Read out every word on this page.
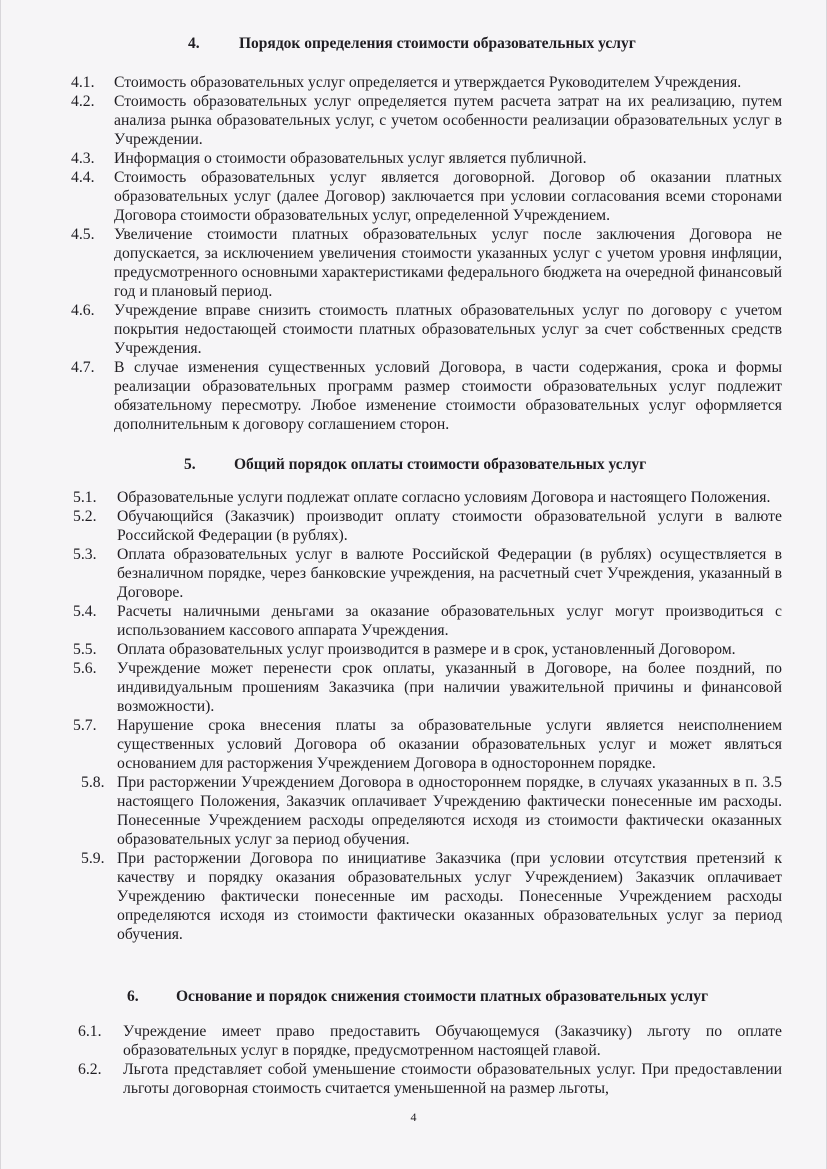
4.	Порядок определения стоимости образовательных услуг
4.1. Стоимость образовательных услуг определяется и утверждается Руководителем Учреждения.
4.2. Стоимость образовательных услуг определяется путем расчета затрат на их реализацию, путем анализа рынка образовательных услуг, с учетом особенности реализации образовательных услуг в Учреждении.
4.3. Информация о стоимости образовательных услуг является публичной.
4.4. Стоимость образовательных услуг является договорной. Договор об оказании платных образовательных услуг (далее Договор) заключается при условии согласования всеми сторонами Договора стоимости образовательных услуг, определенной Учреждением.
4.5. Увеличение стоимости платных образовательных услуг после заключения Договора не допускается, за исключением увеличения стоимости указанных услуг с учетом уровня инфляции, предусмотренного основными характеристиками федерального бюджета на очередной финансовый год и плановый период.
4.6. Учреждение вправе снизить стоимость платных образовательных услуг по договору с учетом покрытия недостающей стоимости платных образовательных услуг за счет собственных средств Учреждения.
4.7. В случае изменения существенных условий Договора, в части содержания, срока и формы реализации образовательных программ размер стоимости образовательных услуг подлежит обязательному пересмотру. Любое изменение стоимости образовательных услуг оформляется дополнительным к договору соглашением сторон.
5. Общий порядок оплаты стоимости образовательных услуг
5.1. Образовательные услуги подлежат оплате согласно условиям Договора и настоящего Положения.
5.2. Обучающийся (Заказчик) производит оплату стоимости образовательной услуги в валюте Российской Федерации (в рублях).
5.3. Оплата образовательных услуг в валюте Российской Федерации (в рублях) осуществляется в безналичном порядке, через банковские учреждения, на расчетный счет Учреждения, указанный в Договоре.
5.4. Расчеты наличными деньгами за оказание образовательных услуг могут производиться с использованием кассового аппарата Учреждения.
5.5. Оплата образовательных услуг производится в размере и в срок, установленный Договором.
5.6. Учреждение может перенести срок оплаты, указанный в Договоре, на более поздний, по индивидуальным прошениям Заказчика (при наличии уважительной причины и финансовой возможности).
5.7. Нарушение срока внесения платы за образовательные услуги является неисполнением существенных условий Договора об оказании образовательных услуг и может являться основанием для расторжения Учреждением Договора в одностороннем порядке.
5.8. При расторжении Учреждением Договора в одностороннем порядке, в случаях указанных в п. 3.5 настоящего Положения, Заказчик оплачивает Учреждению фактически понесенные им расходы. Понесенные Учреждением расходы определяются исходя из стоимости фактически оказанных образовательных услуг за период обучения.
5.9. При расторжении Договора по инициативе Заказчика (при условии отсутствия претензий к качеству и порядку оказания образовательных услуг Учреждением) Заказчик оплачивает Учреждению фактически понесенные им расходы. Понесенные Учреждением расходы определяются исходя из стоимости фактически оказанных образовательных услуг за период обучения.
6. Основание и порядок снижения стоимости платных образовательных услуг
6.1. Учреждение имеет право предоставить Обучающемуся (Заказчику) льготу по оплате образовательных услуг в порядке, предусмотренном настоящей главой.
6.2. Льгота представляет собой уменьшение стоимости образовательных услуг. При предоставлении льготы договорная стоимость считается уменьшенной на размер льготы,
4
